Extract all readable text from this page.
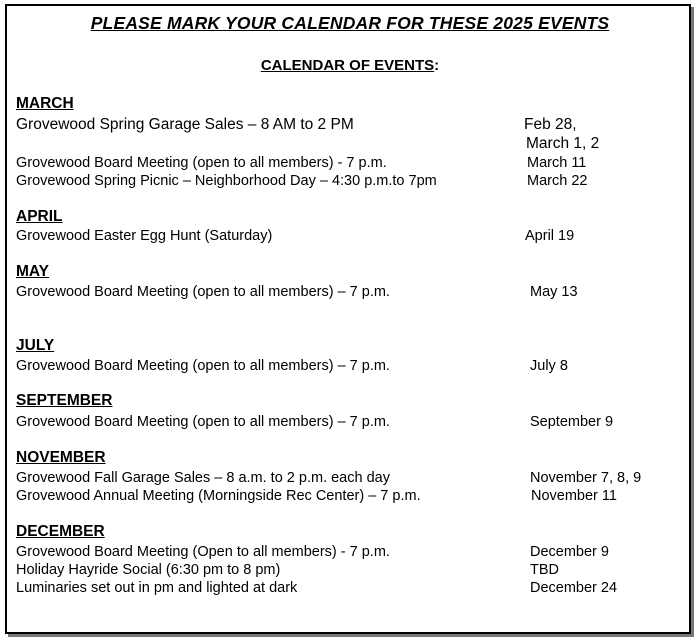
PLEASE MARK YOUR CALENDAR FOR THESE 2025 EVENTS
CALENDAR OF EVENTS:
MARCH
Grovewood Spring Garage Sales – 8 AM to 2 PM	Feb 28,
March 1, 2
Grovewood Board Meeting (open to all members) - 7 p.m.	March 11
Grovewood Spring Picnic – Neighborhood Day – 4:30 p.m.to 7pm	March 22
APRIL
Grovewood Easter Egg Hunt (Saturday)	April 19
MAY
Grovewood Board Meeting (open to all members) – 7 p.m.	May 13
JULY
Grovewood Board Meeting (open to all members) – 7 p.m.	July 8
SEPTEMBER
Grovewood Board Meeting (open to all members) – 7 p.m.	September 9
NOVEMBER
Grovewood Fall Garage Sales – 8 a.m. to 2 p.m. each day	November 7, 8, 9
Grovewood Annual Meeting (Morningside Rec Center) – 7 p.m.	November 11
DECEMBER
Grovewood Board Meeting (Open to all members) - 7 p.m.	December 9
Holiday Hayride Social (6:30 pm to 8 pm)	TBD
Luminaries set out in pm and lighted at dark	December 24
